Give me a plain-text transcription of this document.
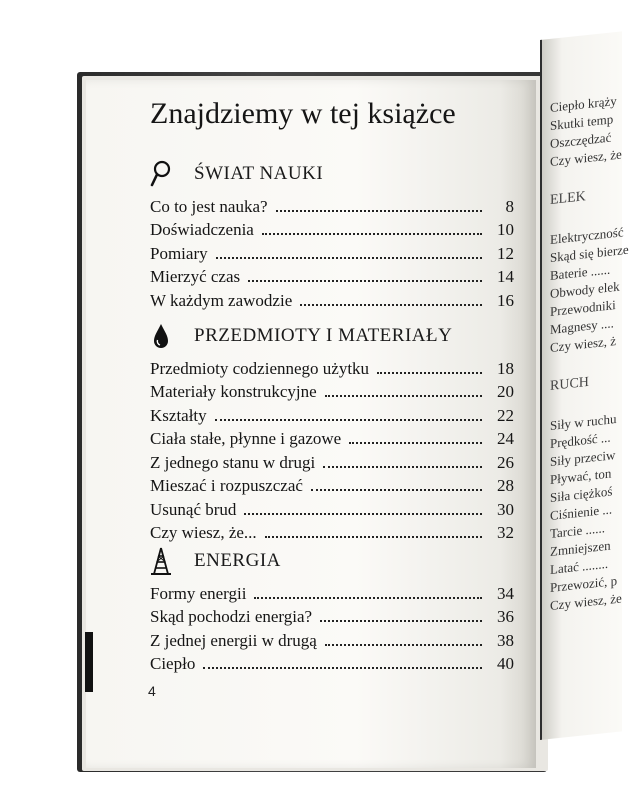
Ciepło krąży
Skutki temp
Oszczędzać
Czy wiesz, że
ELEK
Elektryczność
Skąd się bierze
Baterie ......
Obwody elek
Przewodniki
Magnesy ....
Czy wiesz, ż
RUCH
Siły w ruchu
Prędkość ...
Siły przeciw
Pływać, ton
Siła ciężkoś
Ciśnienie ...
Tarcie ......
Zmniejszen
Latać ........
Przewozić, p
Czy wiesz, że
Znajdziemy w tej książce
ŚWIAT NAUKI
Co to jest nauka?	8
Doświadczenia	10
Pomiary	12
Mierzyć czas	14
W każdym zawodzie	16
PRZEDMIOTY I MATERIAŁY
Przedmioty codziennego użytku	18
Materiały konstrukcyjne	20
Kształty	22
Ciała stałe, płynne i gazowe	24
Z jednego stanu w drugi	26
Mieszać i rozpuszczać	28
Usunąć brud	30
Czy wiesz, że...	32
ENERGIA
Formy energii	34
Skąd pochodzi energia?	36
Z jednej energii w drugą	38
Ciepło	40
4
